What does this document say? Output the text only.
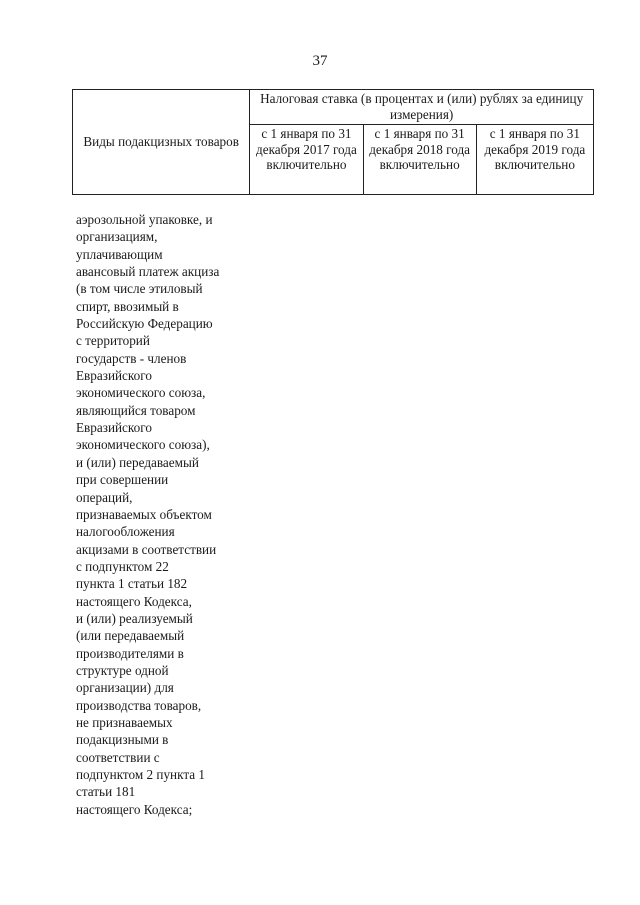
37
Виды подакцизных товаров	Налоговая ставка (в процентах и (или) рублях за единицу измерения)		
	с 1 января по 31 декабря 2017 года включительно	с 1 января по 31 декабря 2018 года включительно	с 1 января по 31 декабря 2019 года включительно
аэрозольной упаковке, и
организациям,
уплачивающим
авансовый платеж акциза
(в том числе этиловый
спирт, ввозимый в
Российскую Федерацию
с территорий
государств - членов
Евразийского
экономического союза,
являющийся товаром
Евразийского
экономического союза),
и (или) передаваемый
при совершении
операций,
признаваемых объектом
налогообложения
акцизами в соответствии
с подпунктом 22
пункта 1 статьи 182
настоящего Кодекса,
и (или) реализуемый
(или передаваемый
производителями в
структуре одной
организации) для
производства товаров,
не признаваемых
подакцизными в
соответствии с
подпунктом 2 пункта 1
статьи 181
настоящего Кодекса;
